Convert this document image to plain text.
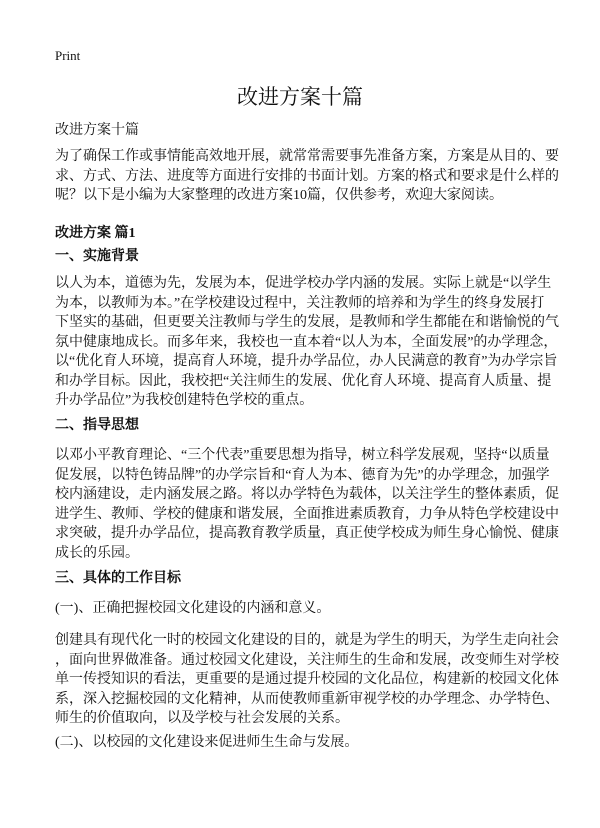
Print
改进方案十篇
改进方案十篇
为了确保工作或事情能高效地开展，就常常需要事先准备方案，方案是从目的、要
求、方式、方法、进度等方面进行安排的书面计划。方案的格式和要求是什么样的
呢？以下是小编为大家整理的改进方案10篇，仅供参考，欢迎大家阅读。
改进方案 篇1
一、实施背景
以人为本，道德为先，发展为本，促进学校办学内涵的发展。实际上就是“以学生
为本，以教师为本。”在学校建设过程中，关注教师的培养和为学生的终身发展打
下坚实的基础，但更要关注教师与学生的发展，是教师和学生都能在和谐愉悦的气
氛中健康地成长。而多年来，我校也一直本着“以人为本，全面发展”的办学理念，
以“优化育人环境，提高育人环境，提升办学品位，办人民满意的教育”为办学宗旨
和办学目标。因此，我校把“关注师生的发展、优化育人环境、提高育人质量、提
升办学品位”为我校创建特色学校的重点。
二、指导思想
以邓小平教育理论、“三个代表”重要思想为指导，树立科学发展观，坚持“以质量
促发展，以特色铸品牌”的办学宗旨和“育人为本、德育为先”的办学理念，加强学
校内涵建设，走内涵发展之路。将以办学特色为载体，以关注学生的整体素质，促
进学生、教师、学校的健康和谐发展，全面推进素质教育，力争从特色学校建设中
求突破，提升办学品位，提高教育教学质量，真正使学校成为师生身心愉悦、健康
成长的乐园。
三、具体的工作目标
(一)、正确把握校园文化建设的内涵和意义。
创建具有现代化一时的校园文化建设的目的，就是为学生的明天，为学生走向社会
，面向世界做准备。通过校园文化建设，关注师生的生命和发展，改变师生对学校
单一传授知识的看法，更重要的是通过提升校园的文化品位，构建新的校园文化体
系，深入挖掘校园的文化精神，从而使教师重新审视学校的办学理念、办学特色、
师生的价值取向，以及学校与社会发展的关系。
(二)、以校园的文化建设来促进师生生命与发展。
